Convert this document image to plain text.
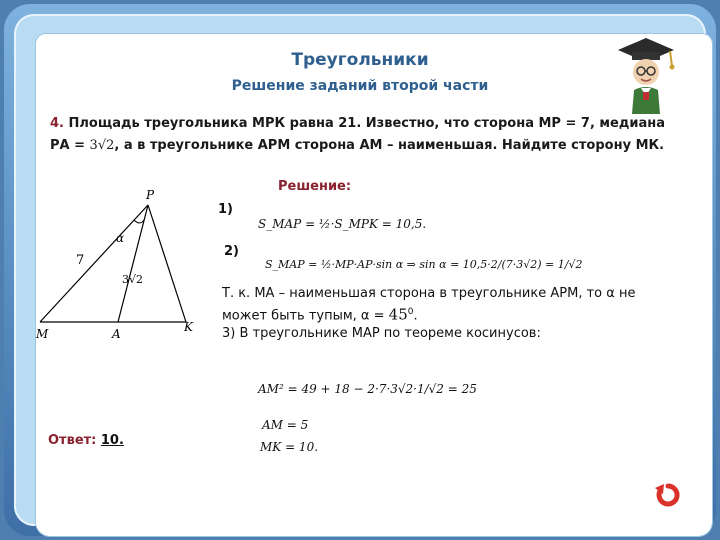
Треугольники
Решение заданий второй части
4. Площадь треугольника МРК равна 21. Известно, что сторона МР = 7, медиана
РА = 3√2, а в треугольнике АРМ сторона АМ – наименьшая. Найдите сторону МК.
P
M	A	K
α
7
3√2
Решение:
1)
S_MAP = ½·S_MPK = 10,5.
2)
S_MAP = ½·MP·AP·sin α ⇒ sin α = 10,5·2/(7·3√2) = 1/√2
Т. к. МА – наименьшая сторона в треугольнике АРМ, то α не
может быть тупым, $\alpha = 45^0$.
3) В треугольнике МАР по теореме косинусов:
AM² = 49 + 18 − 2·7·3√2·1/√2 = 25
AM = 5
MK = 10.
Ответ: 10.
